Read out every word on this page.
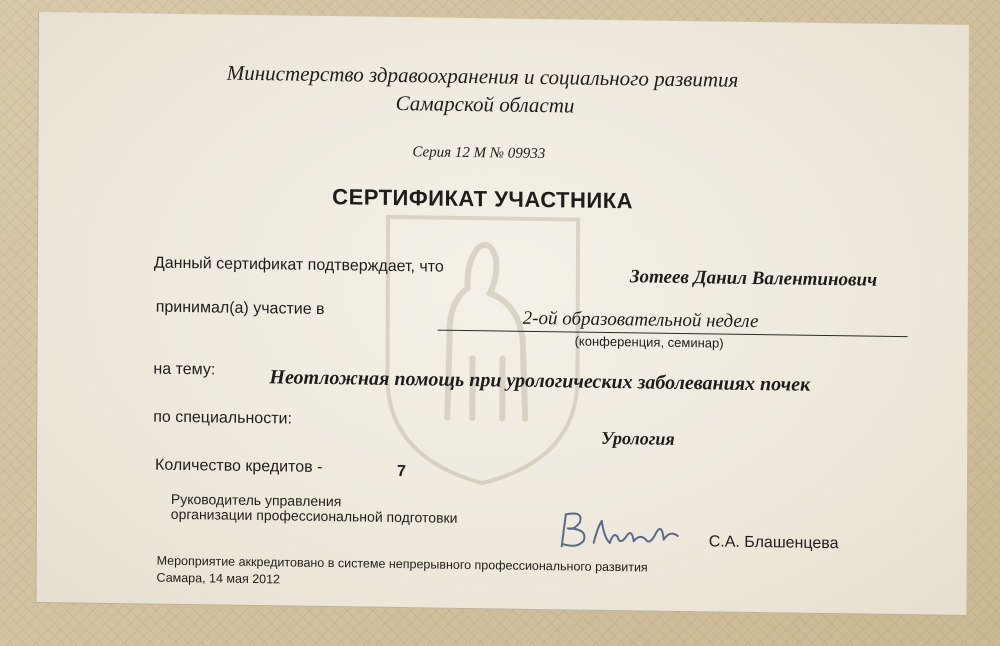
Министерство здравоохранения и социального развития
Самарской области
Серия 12 М № 09933
СЕРТИФИКАТ УЧАСТНИКА
Данный сертификат подтверждает, что
Зотеев Данил Валентинович
принимал(а) участие в	2-ой образовательной неделе
(конференция, семинар)
на тему:	Неотложная помощь при урологических заболеваниях почек
по специальности:
Урология
Количество кредитов -	7
Руководитель управления
организации профессиональной подготовки
С.А. Блашенцева
Мероприятие аккредитовано в системе непрерывного профессионального развития
Самара, 14 мая 2012
